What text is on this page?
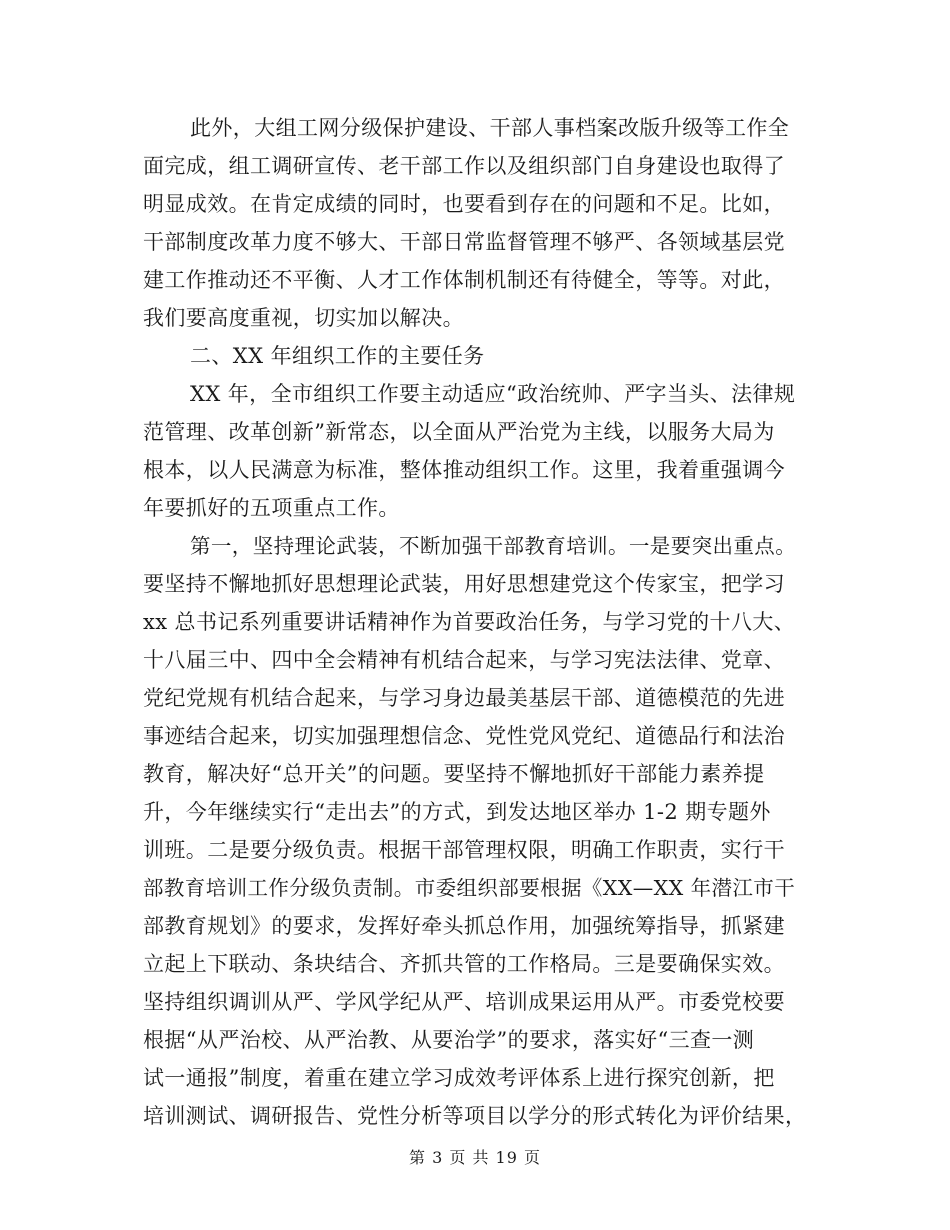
此外，大组工网分级保护建设、干部人事档案改版升级等工作全
面完成，组工调研宣传、老干部工作以及组织部门自身建设也取得了
明显成效。在肯定成绩的同时，也要看到存在的问题和不足。比如，
干部制度改革力度不够大、干部日常监督管理不够严、各领域基层党
建工作推动还不平衡、人才工作体制机制还有待健全，等等。对此，
我们要高度重视，切实加以解决。
二、XX 年组织工作的主要任务
XX 年，全市组织工作要主动适应“政治统帅、严字当头、法律规
范管理、改革创新”新常态，以全面从严治党为主线，以服务大局为
根本，以人民满意为标准，整体推动组织工作。这里，我着重强调今
年要抓好的五项重点工作。
第一，坚持理论武装，不断加强干部教育培训。一是要突出重点。
要坚持不懈地抓好思想理论武装，用好思想建党这个传家宝，把学习
xx 总书记系列重要讲话精神作为首要政治任务，与学习党的十八大、
十八届三中、四中全会精神有机结合起来，与学习宪法法律、党章、
党纪党规有机结合起来，与学习身边最美基层干部、道德模范的先进
事迹结合起来，切实加强理想信念、党性党风党纪、道德品行和法治
教育，解决好“总开关”的问题。要坚持不懈地抓好干部能力素养提
升，今年继续实行“走出去”的方式，到发达地区举办 1-2 期专题外
训班。二是要分级负责。根据干部管理权限，明确工作职责，实行干
部教育培训工作分级负责制。市委组织部要根据《XX—XX 年潜江市干
部教育规划》的要求，发挥好牵头抓总作用，加强统筹指导，抓紧建
立起上下联动、条块结合、齐抓共管的工作格局。三是要确保实效。
坚持组织调训从严、学风学纪从严、培训成果运用从严。市委党校要
根据“从严治校、从严治教、从要治学”的要求，落实好“三查一测
试一通报”制度，着重在建立学习成效考评体系上进行探究创新，把
培训测试、调研报告、党性分析等项目以学分的形式转化为评价结果，
第 3 页 共 19 页
